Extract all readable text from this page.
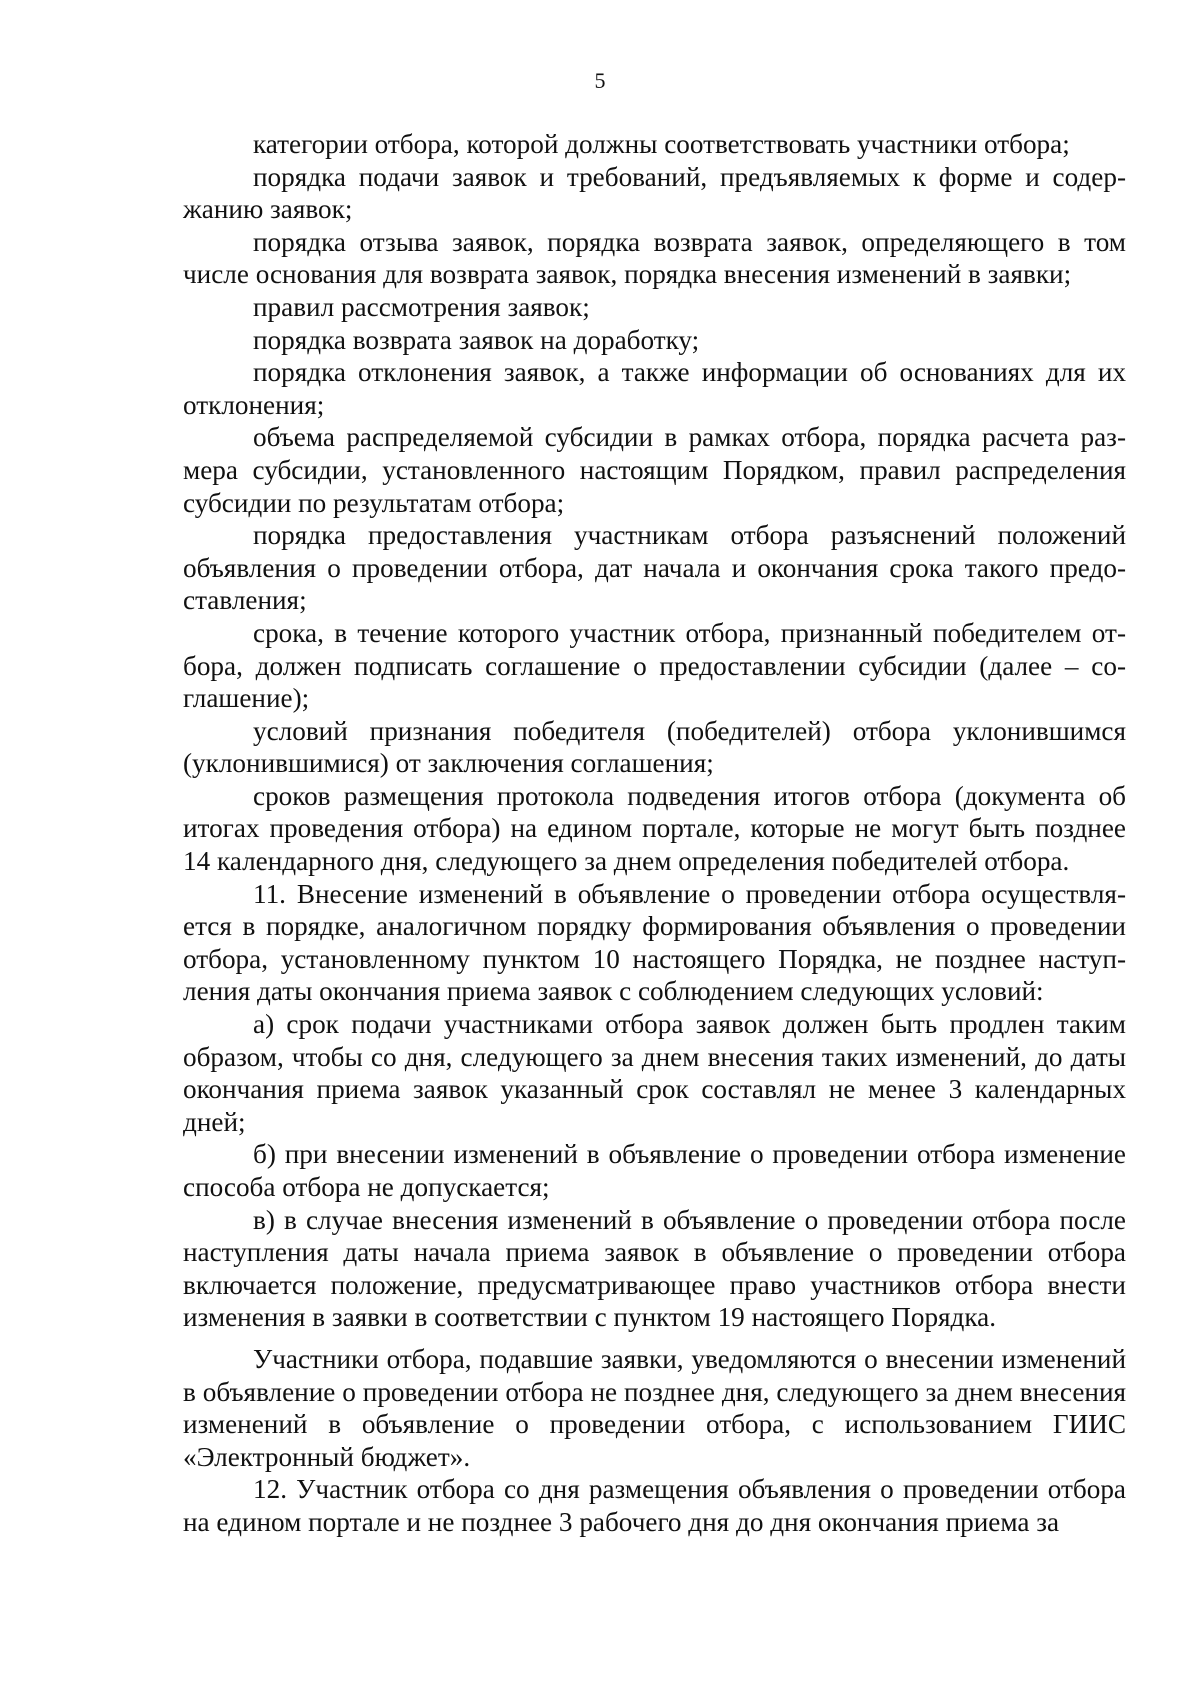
5

категории отбора, которой должны соответствовать участники отбора;

порядка подачи заявок и требований, предъявляемых к форме и содержанию заявок;

порядка отзыва заявок, порядка возврата заявок, определяющего в том числе основания для возврата заявок, порядка внесения изменений в заявки;

правил рассмотрения заявок;

порядка возврата заявок на доработку;

порядка отклонения заявок, а также информации об основаниях для их отклонения;

объема распределяемой субсидии в рамках отбора, порядка расчета размера субсидии, установленного настоящим Порядком, правил распределения субсидии по результатам отбора;

порядка предоставления участникам отбора разъяснений положений объявления о проведении отбора, дат начала и окончания срока такого предоставления;

срока, в течение которого участник отбора, признанный победителем отбора, должен подписать соглашение о предоставлении субсидии (далее – соглашение);

условий признания победителя (победителей) отбора уклонившимся (уклонившимися) от заключения соглашения;

сроков размещения протокола подведения итогов отбора (документа об итогах проведения отбора) на едином портале, которые не могут быть позднее 14 календарного дня, следующего за днем определения победителей отбора.

11. Внесение изменений в объявление о проведении отбора осуществляется в порядке, аналогичном порядку формирования объявления о проведении отбора, установленному пунктом 10 настоящего Порядка, не позднее наступления даты окончания приема заявок с соблюдением следующих условий:

а) срок подачи участниками отбора заявок должен быть продлен таким образом, чтобы со дня, следующего за днем внесения таких изменений, до даты окончания приема заявок указанный срок составлял не менее 3 календарных дней;

б) при внесении изменений в объявление о проведении отбора изменение способа отбора не допускается;

в) в случае внесения изменений в объявление о проведении отбора после наступления даты начала приема заявок в объявление о проведении отбора включается положение, предусматривающее право участников отбора внести изменения в заявки в соответствии с пунктом 19 настоящего Порядка.

Участники отбора, подавшие заявки, уведомляются о внесении изменений в объявление о проведении отбора не позднее дня, следующего за днем внесения изменений в объявление о проведении отбора, с использованием ГИИС «Электронный бюджет».

12. Участник отбора со дня размещения объявления о проведении отбора на едином портале и не позднее 3 рабочего дня до дня окончания приема за
